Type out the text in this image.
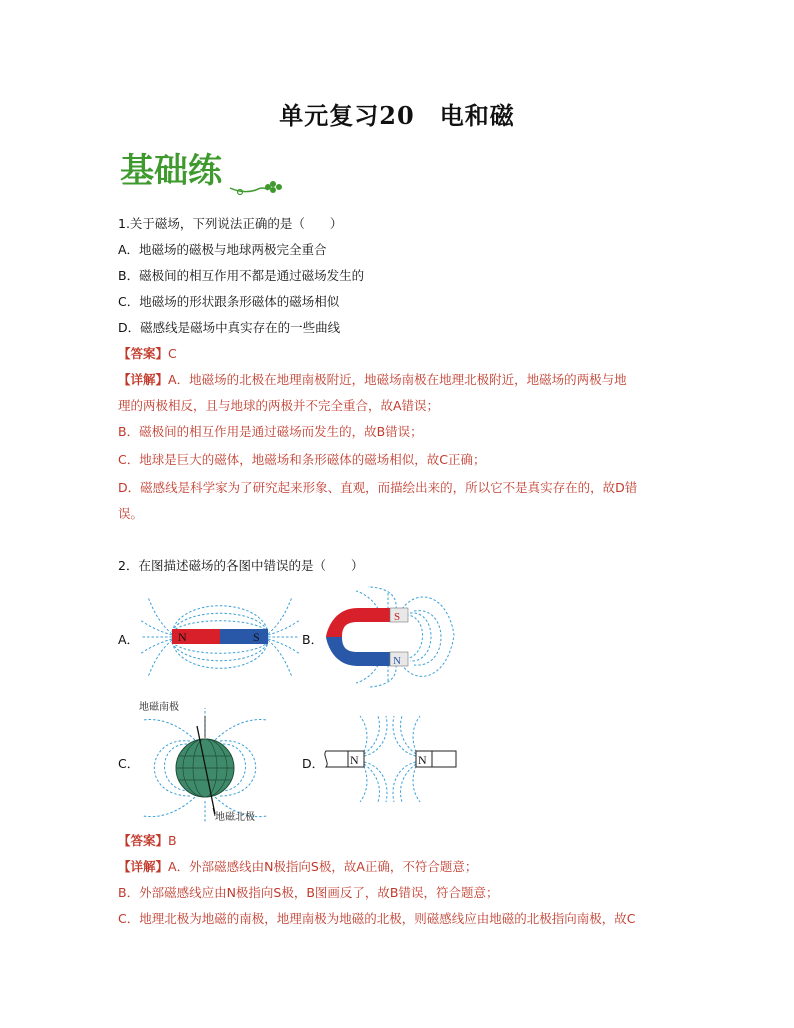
单元复习20　电和磁
基础练
1.关于磁场，下列说法正确的是（　　）
A．地磁场的磁极与地球两极完全重合
B．磁极间的相互作用不都是通过磁场发生的
C．地磁场的形状跟条形磁体的磁场相似
D．磁感线是磁场中真实存在的一些曲线
【答案】C
【详解】A．地磁场的北极在地理南极附近，地磁场南极在地理北极附近，地磁场的两极与地
理的两极相反，且与地球的两极并不完全重合，故A错误；
B．磁极间的相互作用是通过磁场而发生的，故B错误；
C．地球是巨大的磁体，地磁场和条形磁体的磁场相似，故C正确；
D．磁感线是科学家为了研究起来形象、直观，而描绘出来的，所以它不是真实存在的，故D错
误。
2．在图描述磁场的各图中错误的是（　　）
A．	B．
C．	D．
N	S
S
N
地磁南极
地磁北极
N	N
【答案】B
【详解】A．外部磁感线由N极指向S极，故A正确，不符合题意；
B．外部磁感线应由N极指向S极，B图画反了，故B错误，符合题意；
C．地理北极为地磁的南极，地理南极为地磁的北极，则磁感线应由地磁的北极指向南极，故C
